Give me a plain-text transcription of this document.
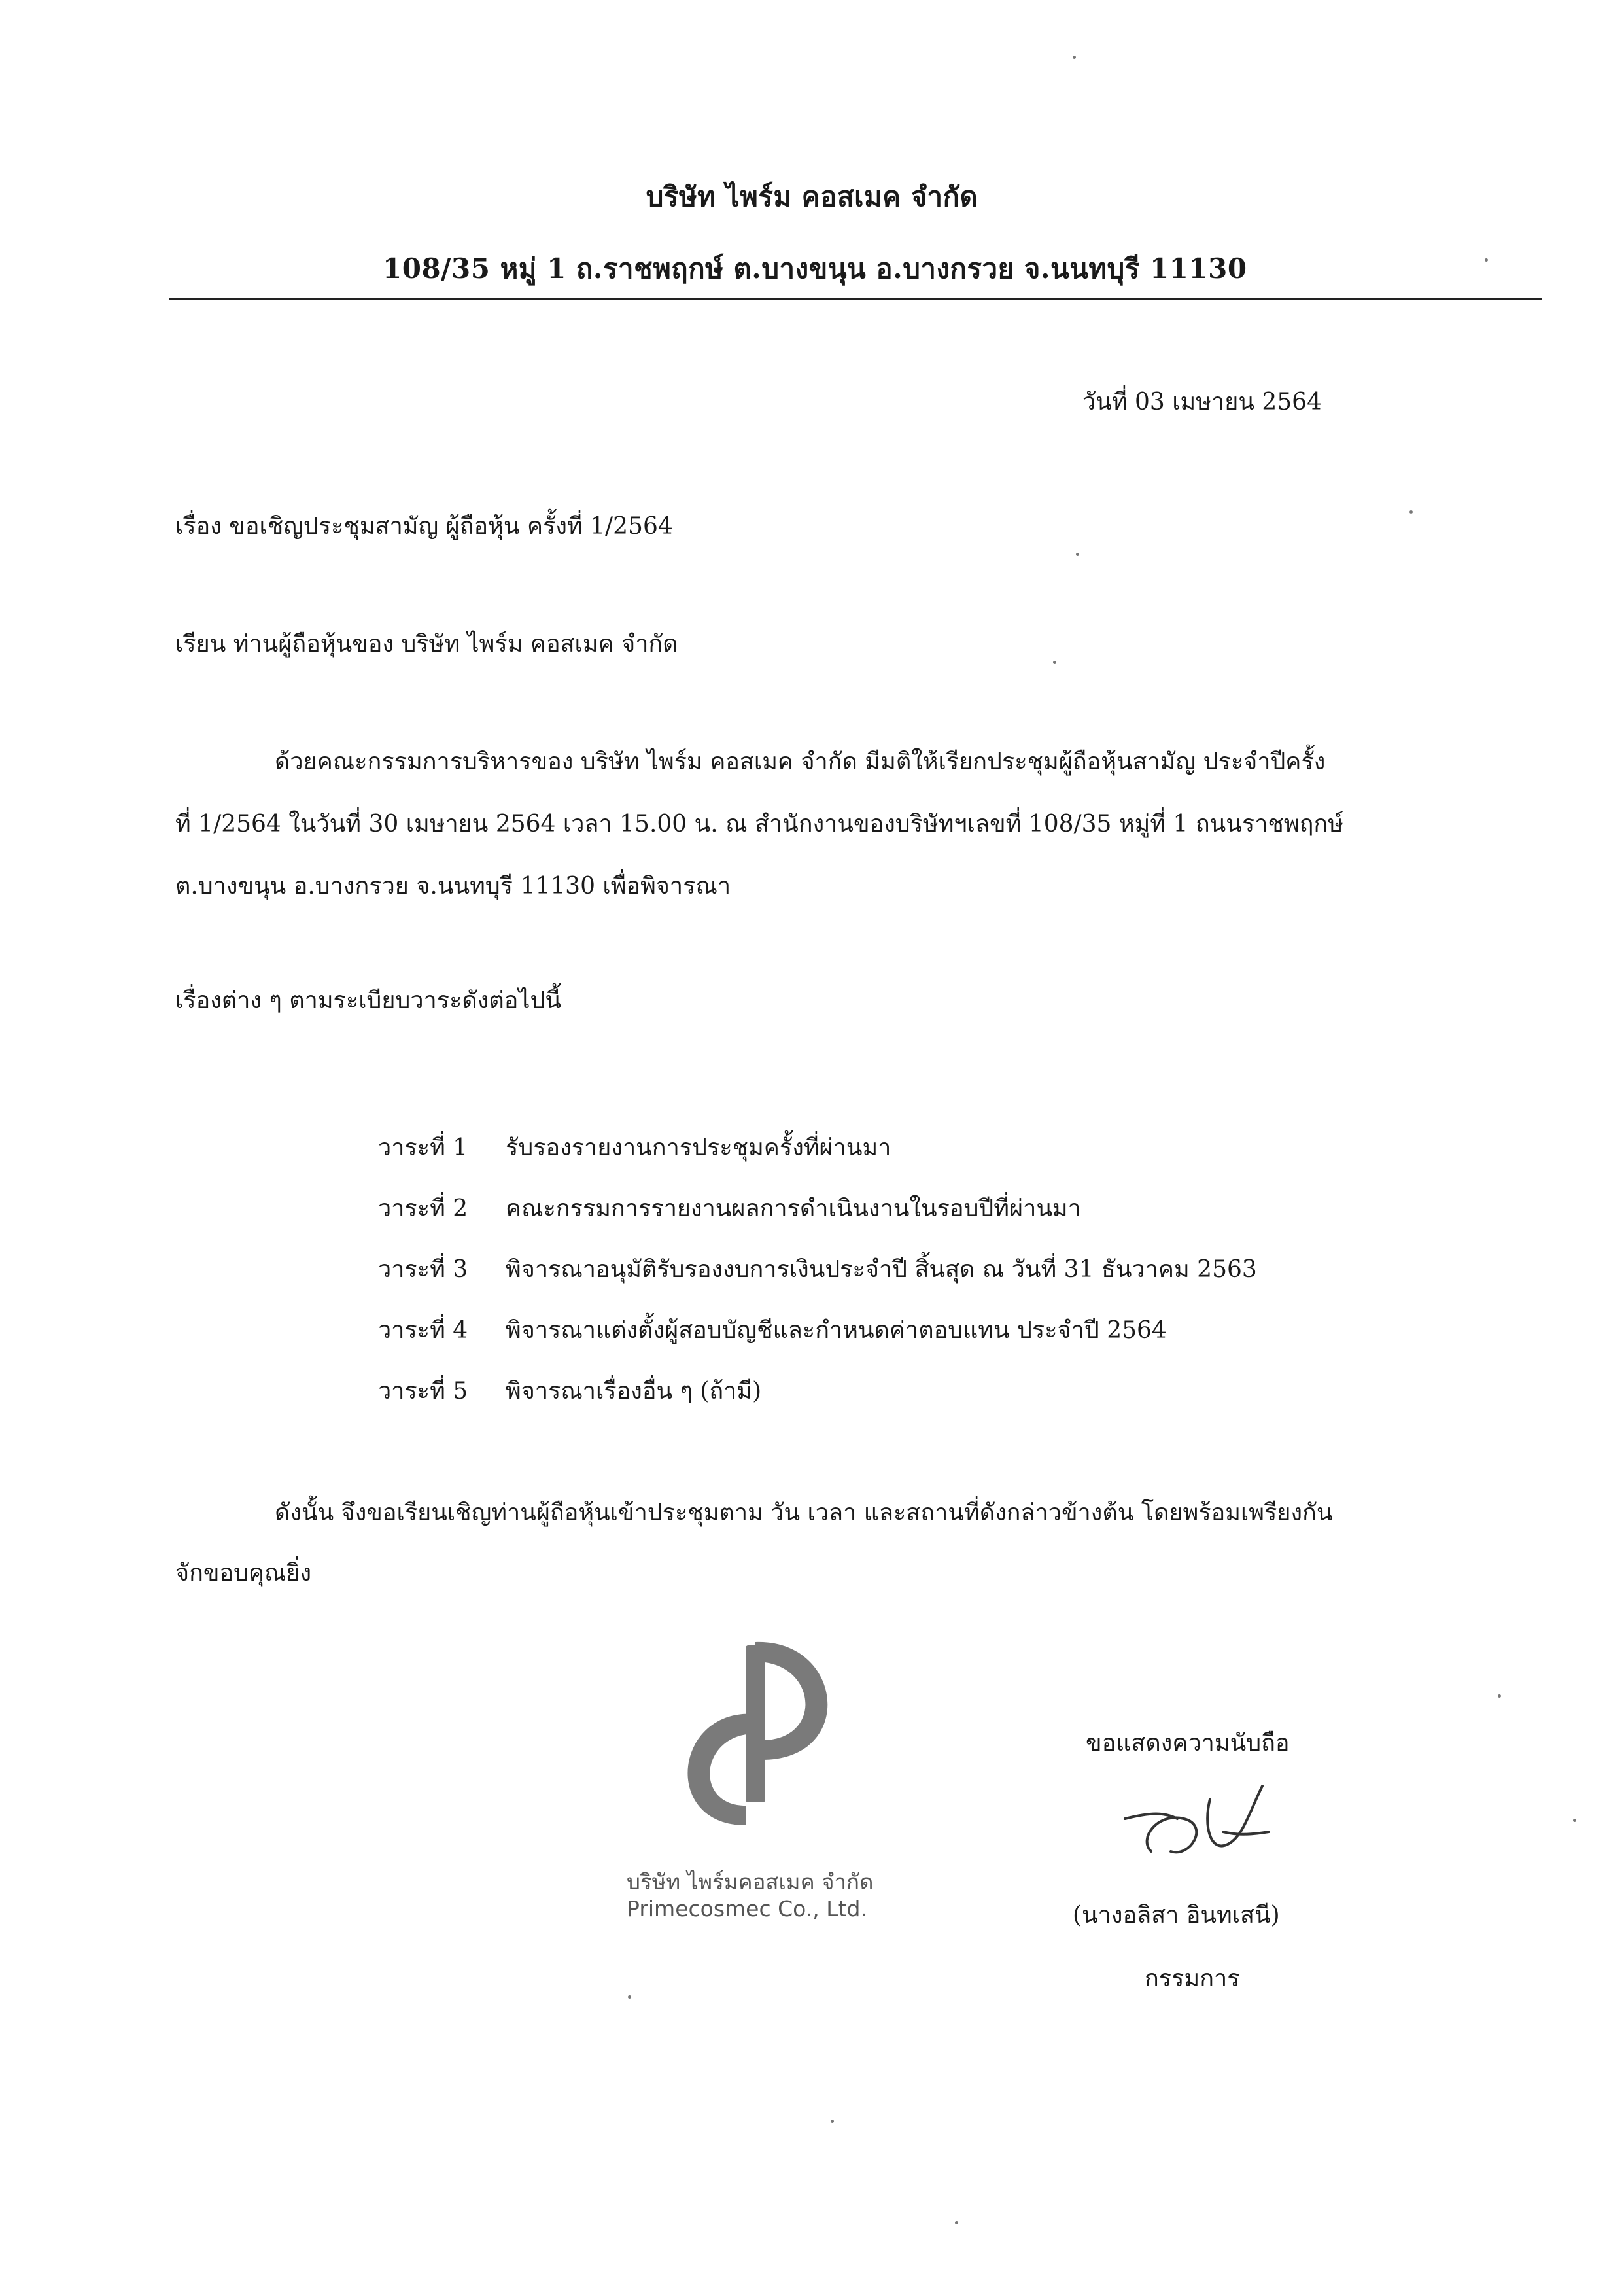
บริษัท ไพร์ม คอสเมค จำกัด
108/35 หมู่ 1 ถ.ราชพฤกษ์ ต.บางขนุน อ.บางกรวย จ.นนทบุรี 11130
วันที่ 03 เมษายน 2564
เรื่อง ขอเชิญประชุมสามัญ ผู้ถือหุ้น ครั้งที่ 1/2564
เรียน ท่านผู้ถือหุ้นของ บริษัท ไพร์ม คอสเมค จำกัด
ด้วยคณะกรรมการบริหารของ บริษัท ไพร์ม คอสเมค จำกัด มีมติให้เรียกประชุมผู้ถือหุ้นสามัญ ประจำปีครั้ง
ที่ 1/2564 ในวันที่ 30 เมษายน 2564 เวลา 15.00 น. ณ สำนักงานของบริษัทฯเลขที่ 108/35 หมู่ที่ 1 ถนนราชพฤกษ์
ต.บางขนุน อ.บางกรวย จ.นนทบุรี 11130 เพื่อพิจารณา
เรื่องต่าง ๆ ตามระเบียบวาระดังต่อไปนี้
วาระที่ 1 รับรองรายงานการประชุมครั้งที่ผ่านมา
วาระที่ 2 คณะกรรมการรายงานผลการดำเนินงานในรอบปีที่ผ่านมา
วาระที่ 3 พิจารณาอนุมัติรับรองงบการเงินประจำปี สิ้นสุด ณ วันที่ 31 ธันวาคม 2563
วาระที่ 4 พิจารณาแต่งตั้งผู้สอบบัญชีและกำหนดค่าตอบแทน ประจำปี 2564
วาระที่ 5 พิจารณาเรื่องอื่น ๆ (ถ้ามี)
ดังนั้น จึงขอเรียนเชิญท่านผู้ถือหุ้นเข้าประชุมตาม วัน เวลา และสถานที่ดังกล่าวข้างต้น โดยพร้อมเพรียงกัน
จักขอบคุณยิ่ง
บริษัท ไพร์มคอสเมค จำกัด
Primecosmec Co., Ltd.
ขอแสดงความนับถือ
(นางอลิสา อินทเสนี)
กรรมการ
